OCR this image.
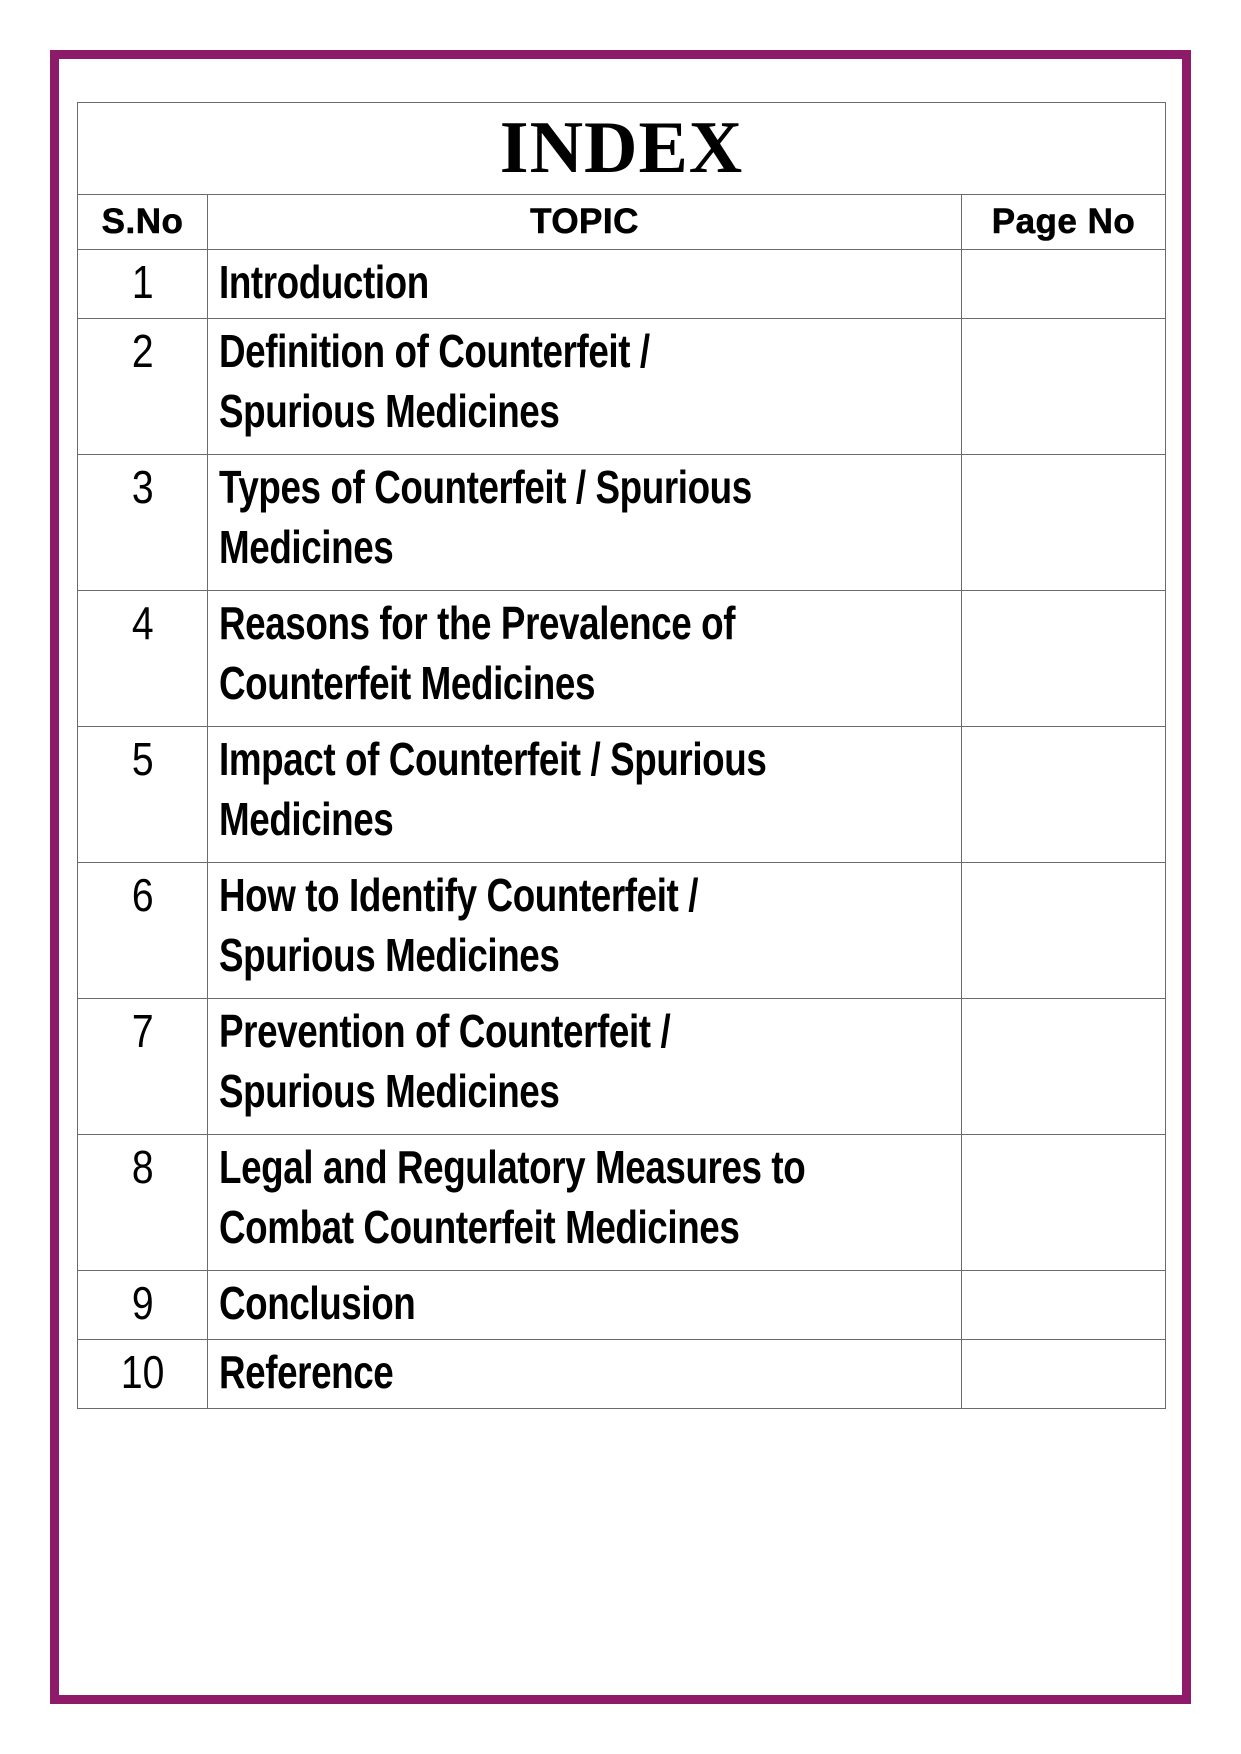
INDEX		
S.No	TOPIC	Page No
1	Introduction	

2	Definition of Counterfeit /
Spurious Medicines	

3	Types of Counterfeit / Spurious
Medicines	

4	Reasons for the Prevalence of
Counterfeit Medicines	

5	Impact of Counterfeit / Spurious
Medicines	

6	How to Identify Counterfeit /
Spurious Medicines	

7	Prevention of Counterfeit /
Spurious Medicines	

8	Legal and Regulatory Measures to
Combat Counterfeit Medicines	

9	Conclusion	

10	Reference	
